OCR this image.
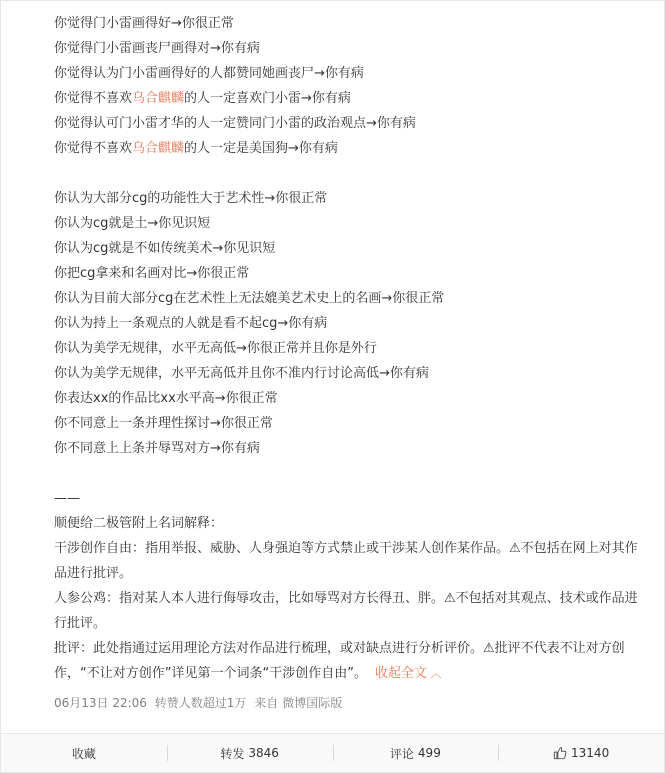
你觉得门小雷画得好→你很正常
你觉得门小雷画丧尸画得对→你有病
你觉得认为门小雷画得好的人都赞同她画丧尸→你有病
你觉得不喜欢乌合麒麟的人一定喜欢门小雷→你有病
你觉得认可门小雷才华的人一定赞同门小雷的政治观点→你有病
你觉得不喜欢乌合麒麟的人一定是美国狗→你有病
你认为大部分cg的功能性大于艺术性→你很正常
你认为cg就是土→你见识短
你认为cg就是不如传统美术→你见识短
你把cg拿来和名画对比→你很正常
你认为目前大部分cg在艺术性上无法媲美艺术史上的名画→你很正常
你认为持上一条观点的人就是看不起cg→你有病
你认为美学无规律，水平无高低→你很正常并且你是外行
你认为美学无规律，水平无高低并且你不准内行讨论高低→你有病
你表达xx的作品比xx水平高→你很正常
你不同意上一条并理性探讨→你很正常
你不同意上上条并辱骂对方→你有病
——
顺便给二极管附上名词解释：
干涉创作自由：指用举报、威胁、人身强迫等方式禁止或干涉某人创作某作品。⚠不包括在网上对其作品进行批评。
人参公鸡：指对某人本人进行侮辱攻击，比如辱骂对方长得丑、胖。⚠不包括对其观点、技术或作品进行批评。
批评：此处指通过运用理论方法对作品进行梳理，或对缺点进行分析评价。⚠批评不代表不让对方创作，“不让对方创作”详见第一个词条“干涉创作自由”。 收起全文 ︿
06月13日 22:06 转赞人数超过1万 来自 微博国际版
收藏	转发 3846	评论 499	13140
